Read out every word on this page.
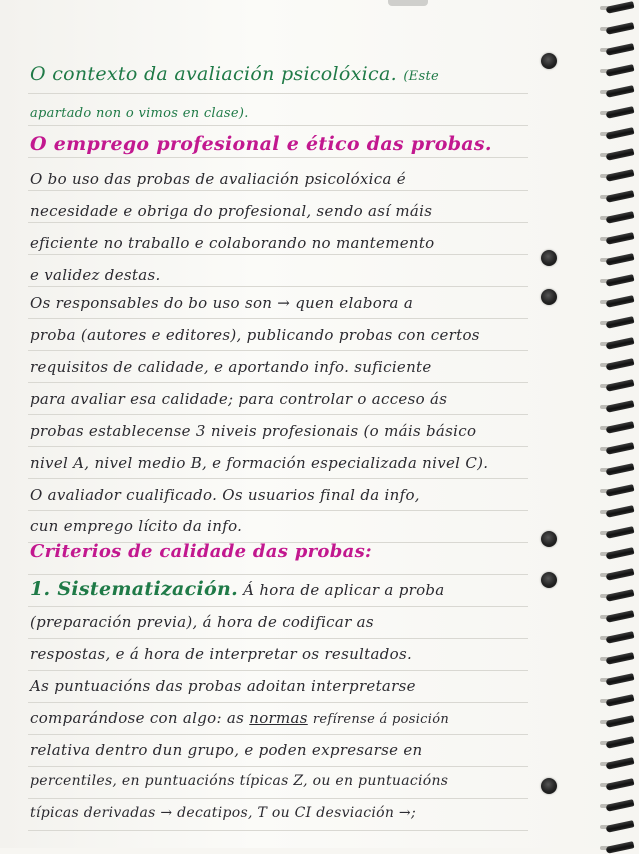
O contexto da avaliación psicolóxica. (Este
apartado non o vimos en clase).
O emprego profesional e ético das probas.
O bo uso das probas de avaliación psicolóxica é
necesidade e obriga do profesional, sendo así máis
eficiente no traballo e colaborando no mantemento
e validez destas.
Os responsables do bo uso son → quen elabora a
proba (autores e editores), publicando probas con certos
requisitos de calidade, e aportando info. suficiente
para avaliar esa calidade; para controlar o acceso ás
probas establecense 3 niveis profesionais (o máis básico
nivel A, nivel medio B, e formación especializada nivel C).
O avaliador cualificado. Os usuarios final da info,
cun emprego lícito da info.
Criterios de calidade das probas:
1. Sistematización. Á hora de aplicar a proba
(preparación previa), á hora de codificar as
respostas, e á hora de interpretar os resultados.
As puntuacións das probas adoitan interpretarse
comparándose con algo: as normas refírense á posición
relativa dentro dun grupo, e poden expresarse en
percentiles, en puntuacións típicas Z, ou en puntuacións
típicas derivadas → decatipos, T ou CI desviación →;
